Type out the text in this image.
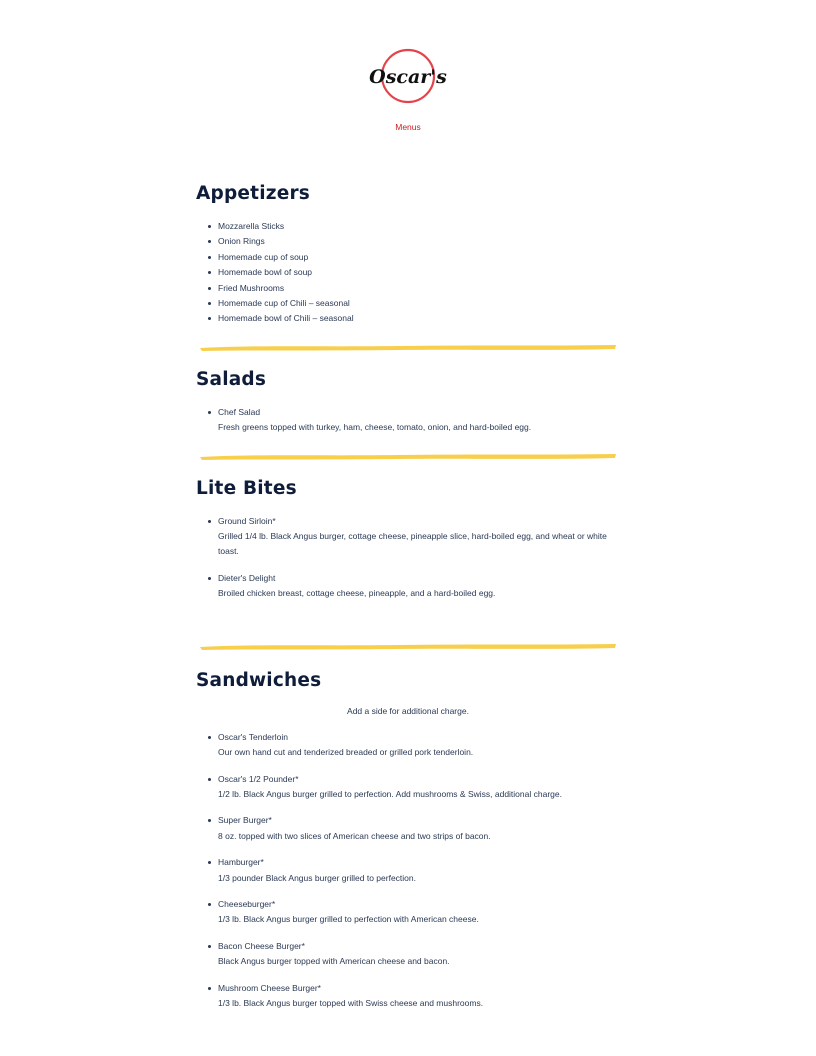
Oscar's
Menus
Appetizers
Mozzarella Sticks
Onion Rings
Homemade cup of soup
Homemade bowl of soup
Fried Mushrooms
Homemade cup of Chili – seasonal
Homemade bowl of Chili – seasonal
Salads
Chef Salad
Fresh greens topped with turkey, ham, cheese, tomato, onion, and hard-boiled egg.
Lite Bites
Ground Sirloin*
Grilled 1/4 lb. Black Angus burger, cottage cheese, pineapple slice, hard-boiled egg, and wheat or white toast.
Dieter's Delight
Broiled chicken breast, cottage cheese, pineapple, and a hard-boiled egg.
Sandwiches

Add a side for additional charge.

Oscar's Tenderloin
Our own hand cut and tenderized breaded or grilled pork tenderloin.
Oscar's 1/2 Pounder*
1/2 lb. Black Angus burger grilled to perfection. Add mushrooms & Swiss, additional charge.
Super Burger*
8 oz. topped with two slices of American cheese and two strips of bacon.
Hamburger*
1/3 pounder Black Angus burger grilled to perfection.
Cheeseburger*
1/3 lb. Black Angus burger grilled to perfection with American cheese.
Bacon Cheese Burger*
Black Angus burger topped with American cheese and bacon.
Mushroom Cheese Burger*
1/3 lb. Black Angus burger topped with Swiss cheese and mushrooms.
